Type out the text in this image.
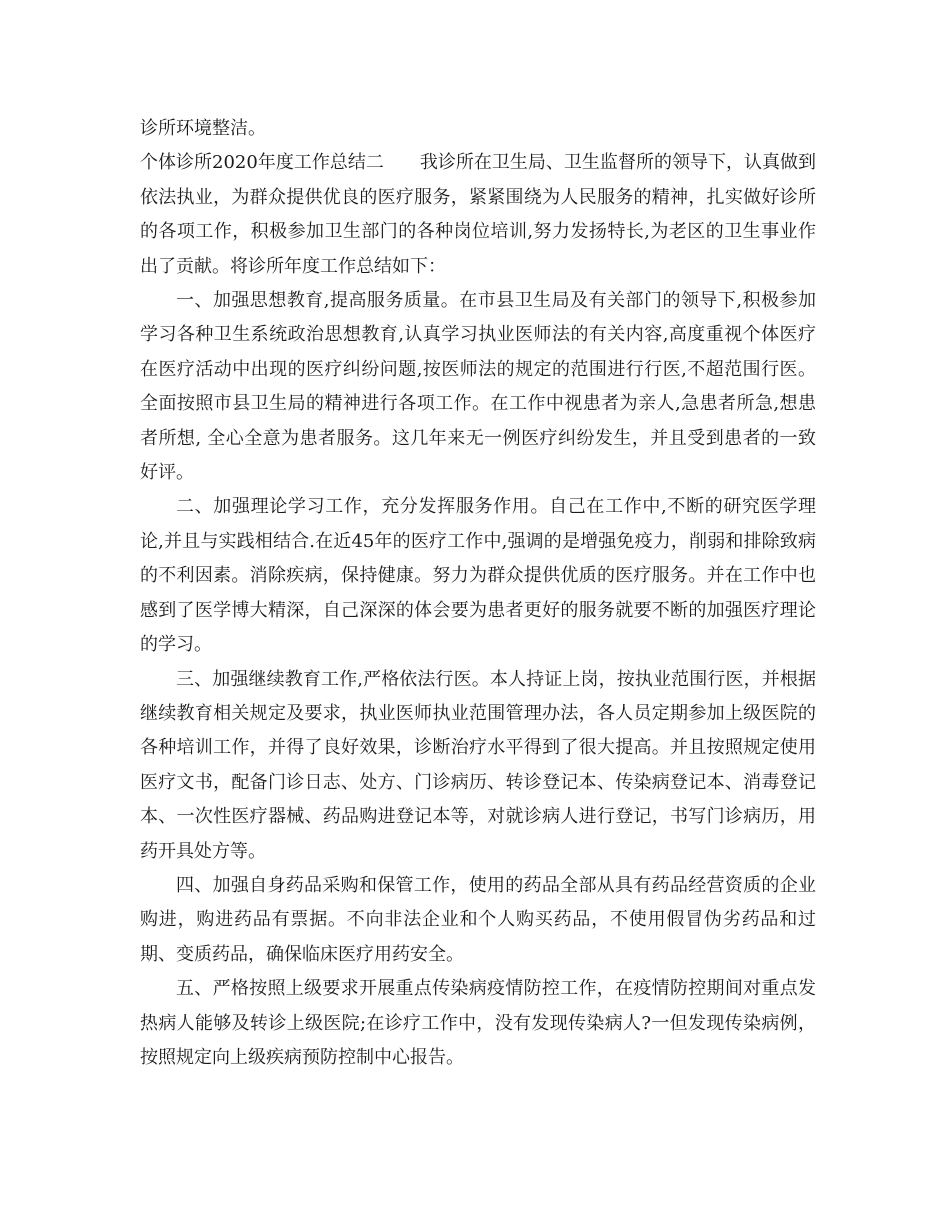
诊所环境整洁。

个体诊所2020年度工作总结二 我诊所在卫生局、卫生监督所的领导下，认真做到依法执业，为群众提供优良的医疗服务，紧紧围绕为人民服务的精神，扎实做好诊所的各项工作，积极参加卫生部门的各种岗位培训,努力发扬特长,为老区的卫生事业作出了贡献。将诊所年度工作总结如下：

一、加强思想教育,提高服务质量。在市县卫生局及有关部门的领导下,积极参加学习各种卫生系统政治思想教育,认真学习执业医师法的有关内容,高度重视个体医疗在医疗活动中出现的医疗纠纷问题,按医师法的规定的范围进行行医,不超范围行医。全面按照市县卫生局的精神进行各项工作。在工作中视患者为亲人,急患者所急,想患者所想, 全心全意为患者服务。这几年来无一例医疗纠纷发生，并且受到患者的一致好评。

二、加强理论学习工作，充分发挥服务作用。自己在工作中,不断的研究医学理论,并且与实践相结合.在近45年的医疗工作中,强调的是增强免疫力，削弱和排除致病的不利因素。消除疾病，保持健康。努力为群众提供优质的医疗服务。并在工作中也感到了医学博大精深，自己深深的体会要为患者更好的服务就要不断的加强医疗理论的学习。

三、加强继续教育工作,严格依法行医。本人持证上岗，按执业范围行医，并根据继续教育相关规定及要求，执业医师执业范围管理办法，各人员定期参加上级医院的各种培训工作，并得了良好效果，诊断治疗水平得到了很大提高。并且按照规定使用医疗文书，配备门诊日志、处方、门诊病历、转诊登记本、传染病登记本、消毒登记本、一次性医疗器械、药品购进登记本等，对就诊病人进行登记，书写门诊病历，用药开具处方等。

四、加强自身药品采购和保管工作，使用的药品全部从具有药品经营资质的企业购进，购进药品有票据。不向非法企业和个人购买药品，不使用假冒伪劣药品和过期、变质药品，确保临床医疗用药安全。

五、严格按照上级要求开展重点传染病疫情防控工作，在疫情防控期间对重点发热病人能够及转诊上级医院;在诊疗工作中，没有发现传染病人?一但发现传染病例，按照规定向上级疾病预防控制中心报告。
